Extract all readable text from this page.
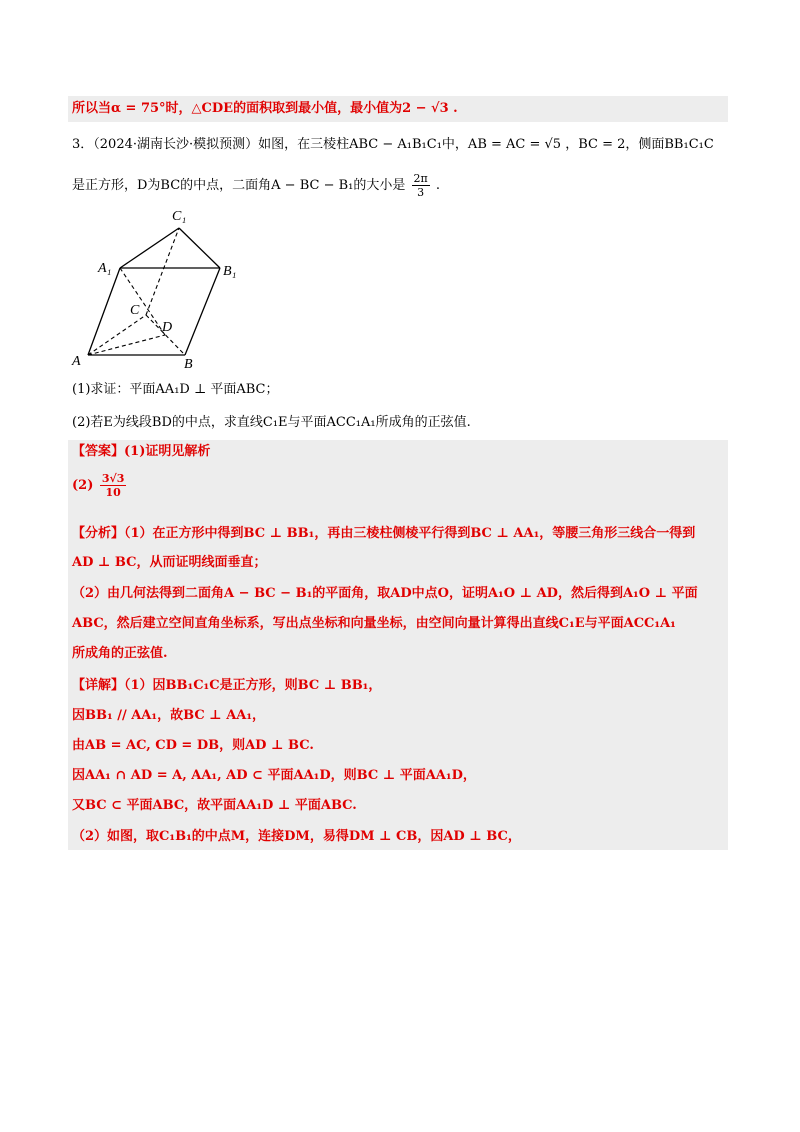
所以当α = 75°时，△CDE的面积取到最小值，最小值为2 − √3 .
3．（2024·湖南长沙·模拟预测）如图，在三棱柱ABC − A₁B₁C₁中，AB = AC = √5 ，BC = 2，侧面BB₁C₁C
是正方形，D为BC的中点，二面角A − BC − B₁的大小是 $\frac{2\pi}{3}$ .
C₁
A₁	B₁
C
D
A	B
(1)求证：平面AA₁D ⊥ 平面ABC；
(2)若E为线段BD的中点，求直线C₁E与平面ACC₁A₁所成角的正弦值.
【答案】(1)证明见解析
$(2) \frac{3√3}{10}$
【分析】（1）在正方形中得到BC ⊥ BB₁，再由三棱柱侧棱平行得到BC ⊥ AA₁，等腰三角形三线合一得到
AD ⊥ BC，从而证明线面垂直；
（2）由几何法得到二面角A − BC − B₁的平面角，取AD中点O，证明A₁O ⊥ AD，然后得到A₁O ⊥ 平面
ABC，然后建立空间直角坐标系，写出点坐标和向量坐标，由空间向量计算得出直线C₁E与平面ACC₁A₁
所成角的正弦值.
【详解】（1）因BB₁C₁C是正方形，则BC ⊥ BB₁，
因BB₁ // AA₁，故BC ⊥ AA₁，
由AB = AC, CD = DB，则AD ⊥ BC.
因AA₁ ∩ AD = A, AA₁, AD ⊂ 平面AA₁D，则BC ⊥ 平面AA₁D，
又BC ⊂ 平面ABC，故平面AA₁D ⊥ 平面ABC.
（2）如图，取C₁B₁的中点M，连接DM，易得DM ⊥ CB，因AD ⊥ BC，
